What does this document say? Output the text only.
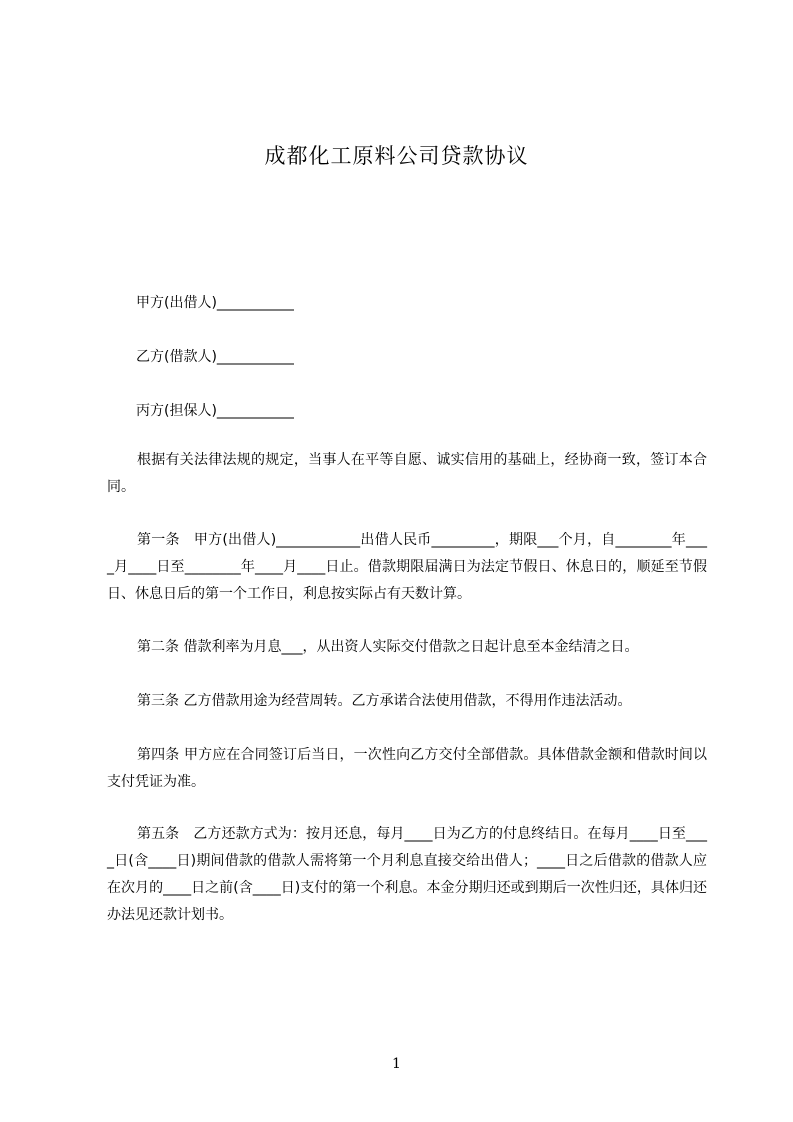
成都化工原料公司贷款协议
甲方(出借人)___________
乙方(借款人)___________
丙方(担保人)___________

根据有关法律法规的规定，当事人在平等自愿、诚实信用的基础上，经协商一致，签订本合同。

第一条　甲方(出借人)____________出借人民币_________，期限___个月，自________年____月____日至________年____月____日止。借款期限届满日为法定节假日、休息日的，顺延至节假日、休息日后的第一个工作日，利息按实际占有天数计算。

第二条 借款利率为月息___，从出资人实际交付借款之日起计息至本金结清之日。

第三条 乙方借款用途为经营周转。乙方承诺合法使用借款，不得用作违法活动。

第四条 甲方应在合同签订后当日，一次性向乙方交付全部借款。具体借款金额和借款时间以支付凭证为准。

第五条　乙方还款方式为：按月还息，每月____日为乙方的付息终结日。在每月____日至____日(含____日)期间借款的借款人需将第一个月利息直接交给出借人；____日之后借款的借款人应在次月的____日之前(含____日)支付的第一个利息。本金分期归还或到期后一次性归还，具体归还办法见还款计划书。

1
